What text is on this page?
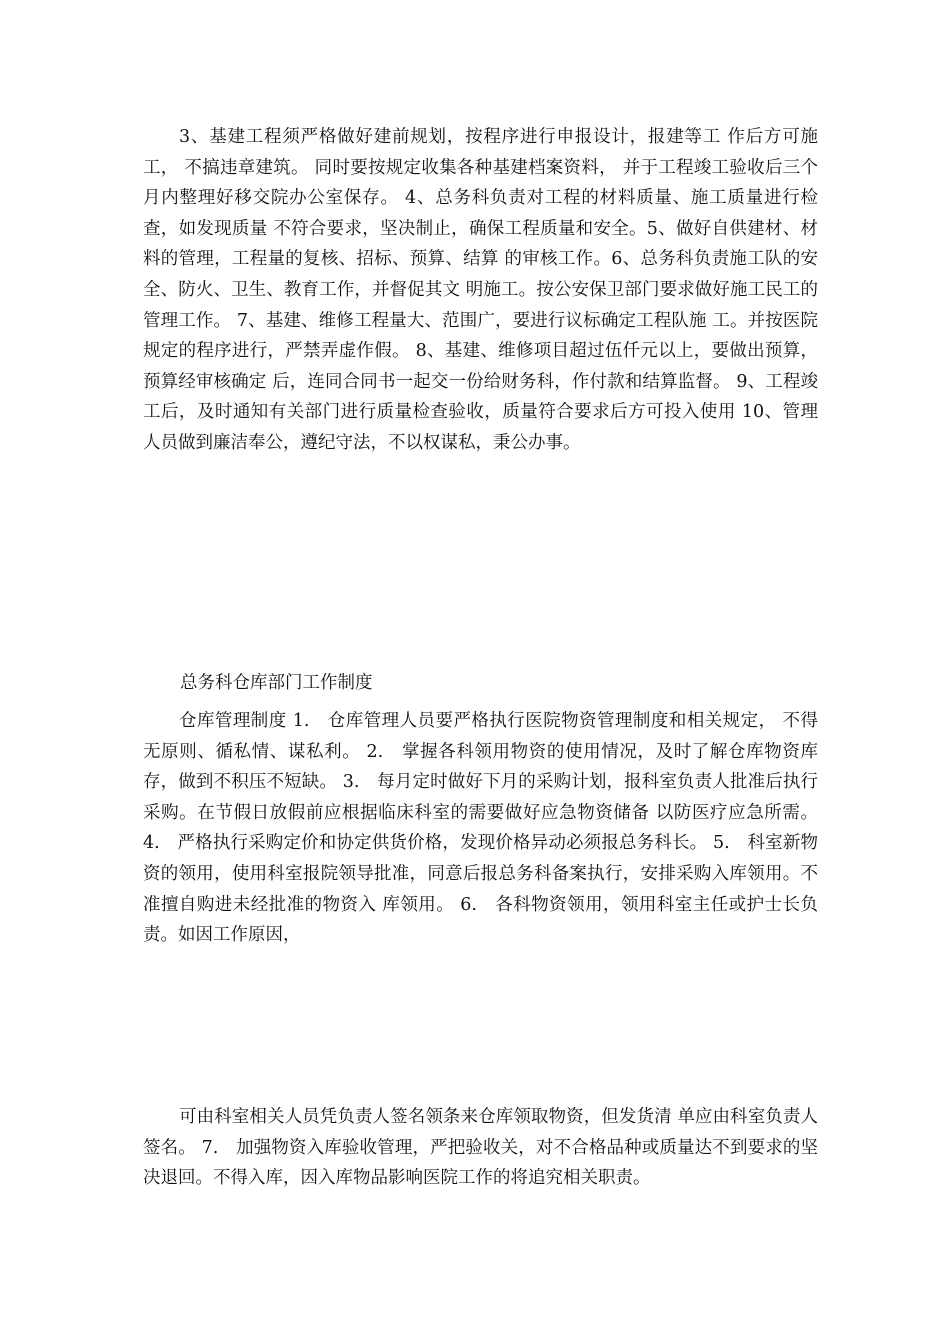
3、基建工程须严格做好建前规划，按程序进行申报设计，报建等工 作后方可施工， 不搞违章建筑。 同时要按规定收集各种基建档案资料， 并于工程竣工验收后三个月内整理好移交院办公室保存。 4、总务科负责对工程的材料质量、施工质量进行检查，如发现质量 不符合要求，坚决制止，确保工程质量和安全。5、做好自供建材、材料的管理，工程量的复核、招标、预算、结算 的审核工作。6、总务科负责施工队的安全、防火、卫生、教育工作，并督促其文 明施工。按公安保卫部门要求做好施工民工的管理工作。 7、基建、维修工程量大、范围广，要进行议标确定工程队施 工。并按医院规定的程序进行，严禁弄虚作假。 8、基建、维修项目超过伍仟元以上，要做出预算，预算经审核确定 后，连同合同书一起交一份给财务科，作付款和结算监督。 9、工程竣工后，及时通知有关部门进行质量检查验收，质量符合要求后方可投入使用 10、管理人员做到廉洁奉公，遵纪守法，不以权谋私，秉公办事。

总务科仓库部门工作制度

仓库管理制度 1.　仓库管理人员要严格执行医院物资管理制度和相关规定， 不得 无原则、循私情、谋私利。 2.　掌握各科领用物资的使用情况，及时了解仓库物资库存，做到不积压不短缺。 3.　每月定时做好下月的采购计划，报科室负责人批准后执行采购。在节假日放假前应根据临床科室的需要做好应急物资储备 以防医疗应急所需。 4.　严格执行采购定价和协定供货价格，发现价格异动必须报总务科长。 5.　科室新物资的领用，使用科室报院领导批准，同意后报总务科备案执行，安排采购入库领用。不准擅自购进未经批准的物资入 库领用。 6.　各科物资领用，领用科室主任或护士长负责。如因工作原因，

可由科室相关人员凭负责人签名领条来仓库领取物资，但发货清 单应由科室负责人签名。 7.　加强物资入库验收管理，严把验收关，对不合格品种或质量达不到要求的坚决退回。不得入库，因入库物品影响医院工作的将追究相关职责。
